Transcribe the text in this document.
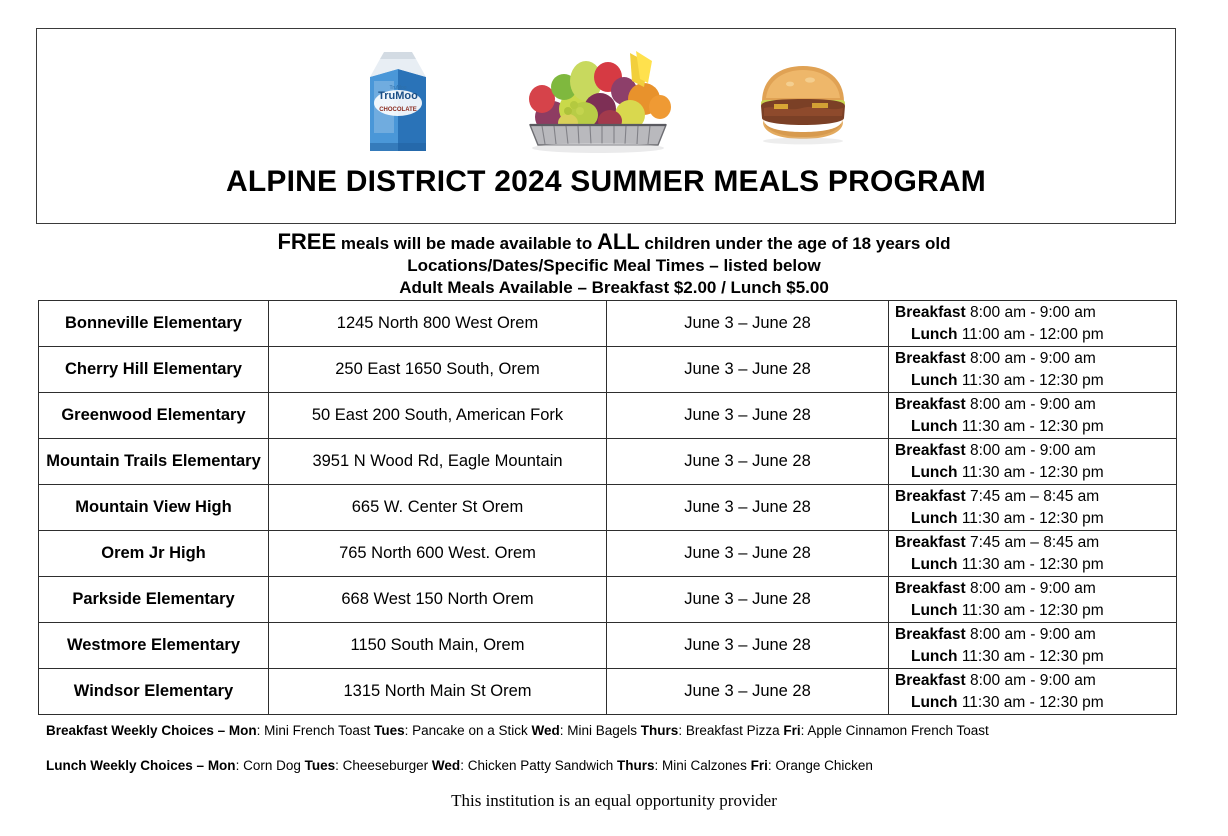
TruMoo
CHOCOLATE
TruMoo
ALPINE DISTRICT 2024 SUMMER MEALS PROGRAM
FREE meals will be made available to ALL children under the age of 18 years old
Locations/Dates/Specific Meal Times – listed below
Adult Meals Available – Breakfast $2.00 / Lunch $5.00
Bonneville Elementary	1245 North 800 West Orem	June 3 – June 28	Breakfast 8:00 am - 9:00 am
Lunch 11:00 am - 12:00 pm

Cherry Hill Elementary	250 East 1650 South, Orem	June 3 – June 28	Breakfast 8:00 am - 9:00 am
Lunch 11:30 am - 12:30 pm

Greenwood Elementary	50 East 200 South, American Fork	June 3 – June 28	Breakfast 8:00 am - 9:00 am
Lunch 11:30 am - 12:30 pm

Mountain Trails Elementary	3951 N Wood Rd, Eagle Mountain	June 3 – June 28	Breakfast 8:00 am - 9:00 am
Lunch 11:30 am - 12:30 pm

Mountain View High	665 W. Center St Orem	June 3 – June 28	Breakfast 7:45 am – 8:45 am
Lunch 11:30 am - 12:30 pm

Orem Jr High	765 North 600 West. Orem	June 3 – June 28	Breakfast 7:45 am – 8:45 am
Lunch 11:30 am - 12:30 pm

Parkside Elementary	668 West 150 North Orem	June 3 – June 28	Breakfast 8:00 am - 9:00 am
Lunch 11:30 am - 12:30 pm

Westmore Elementary	1150 South Main, Orem	June 3 – June 28	Breakfast 8:00 am - 9:00 am
Lunch 11:30 am - 12:30 pm

Windsor Elementary	1315 North Main St Orem	June 3 – June 28	Breakfast 8:00 am - 9:00 am
Lunch 11:30 am - 12:30 pm
Breakfast Weekly Choices – Mon: Mini French Toast Tues: Pancake on a Stick Wed: Mini Bagels Thurs: Breakfast Pizza Fri: Apple Cinnamon French Toast
Lunch Weekly Choices – Mon: Corn Dog Tues: Cheeseburger Wed: Chicken Patty Sandwich Thurs: Mini Calzones Fri: Orange Chicken
This institution is an equal opportunity provider
